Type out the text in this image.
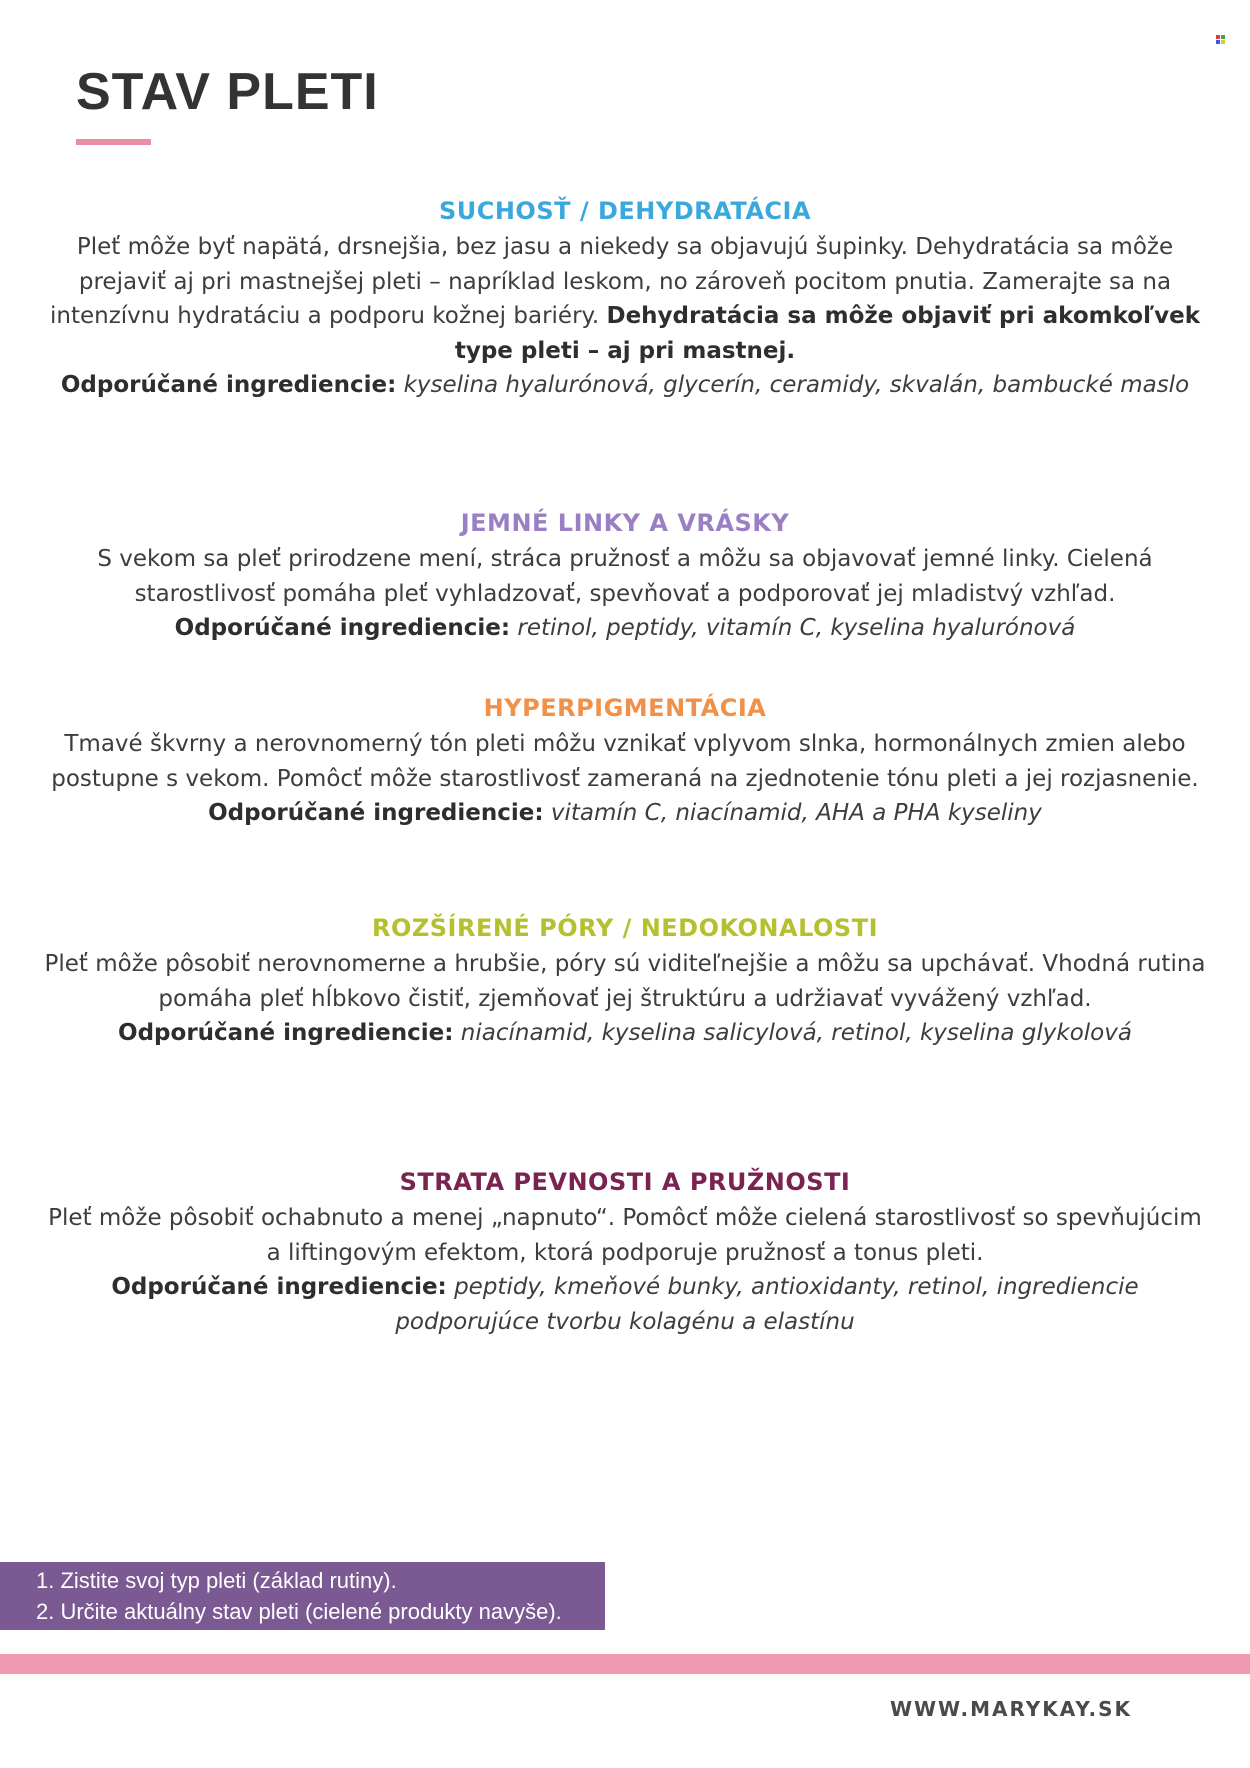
STAV PLETI
SUCHOSŤ / DEHYDRATÁCIA

Pleť môže byť napätá, drsnejšia, bez jasu a niekedy sa objavujú šupinky. Dehydratácia sa môže prejaviť aj pri mastnejšej pleti – napríklad leskom, no zároveň pocitom pnutia. Zamerajte sa na intenzívnu hydratáciu a podporu kožnej bariéry. Dehydratácia sa môže objaviť pri akomkoľvek type pleti – aj pri mastnej.
Odporúčané ingrediencie: kyselina hyalurónová, glycerín, ceramidy, skvalán, bambucké maslo

JEMNÉ LINKY A VRÁSKY

S vekom sa pleť prirodzene mení, stráca pružnosť a môžu sa objavovať jemné linky. Cielená starostlivosť pomáha pleť vyhladzovať, spevňovať a podporovať jej mladistvý vzhľad.
Odporúčané ingrediencie: retinol, peptidy, vitamín C, kyselina hyalurónová

HYPERPIGMENTÁCIA

Tmavé škvrny a nerovnomerný tón pleti môžu vznikať vplyvom slnka, hormonálnych zmien alebo postupne s vekom. Pomôcť môže starostlivosť zameraná na zjednotenie tónu pleti a jej rozjasnenie.
Odporúčané ingrediencie: vitamín C, niacínamid, AHA a PHA kyseliny

ROZŠÍRENÉ PÓRY / NEDOKONALOSTI

Pleť môže pôsobiť nerovnomerne a hrubšie, póry sú viditeľnejšie a môžu sa upchávať. Vhodná rutina pomáha pleť hĺbkovo čistiť, zjemňovať jej štruktúru a udržiavať vyvážený vzhľad.
Odporúčané ingrediencie: niacínamid, kyselina salicylová, retinol, kyselina glykolová

STRATA PEVNOSTI A PRUŽNOSTI

Pleť môže pôsobiť ochabnuto a menej „napnuto“. Pomôcť môže cielená starostlivosť so spevňujúcim a liftingovým efektom, ktorá podporuje pružnosť a tonus pleti.
Odporúčané ingrediencie: peptidy, kmeňové bunky, antioxidanty, retinol, ingrediencie podporujúce tvorbu kolagénu a elastínu

1. Zistite svoj typ pleti (základ rutiny).
2. Určite aktuálny stav pleti (cielené produkty navyše).
WWW.MARYKAY.SK
